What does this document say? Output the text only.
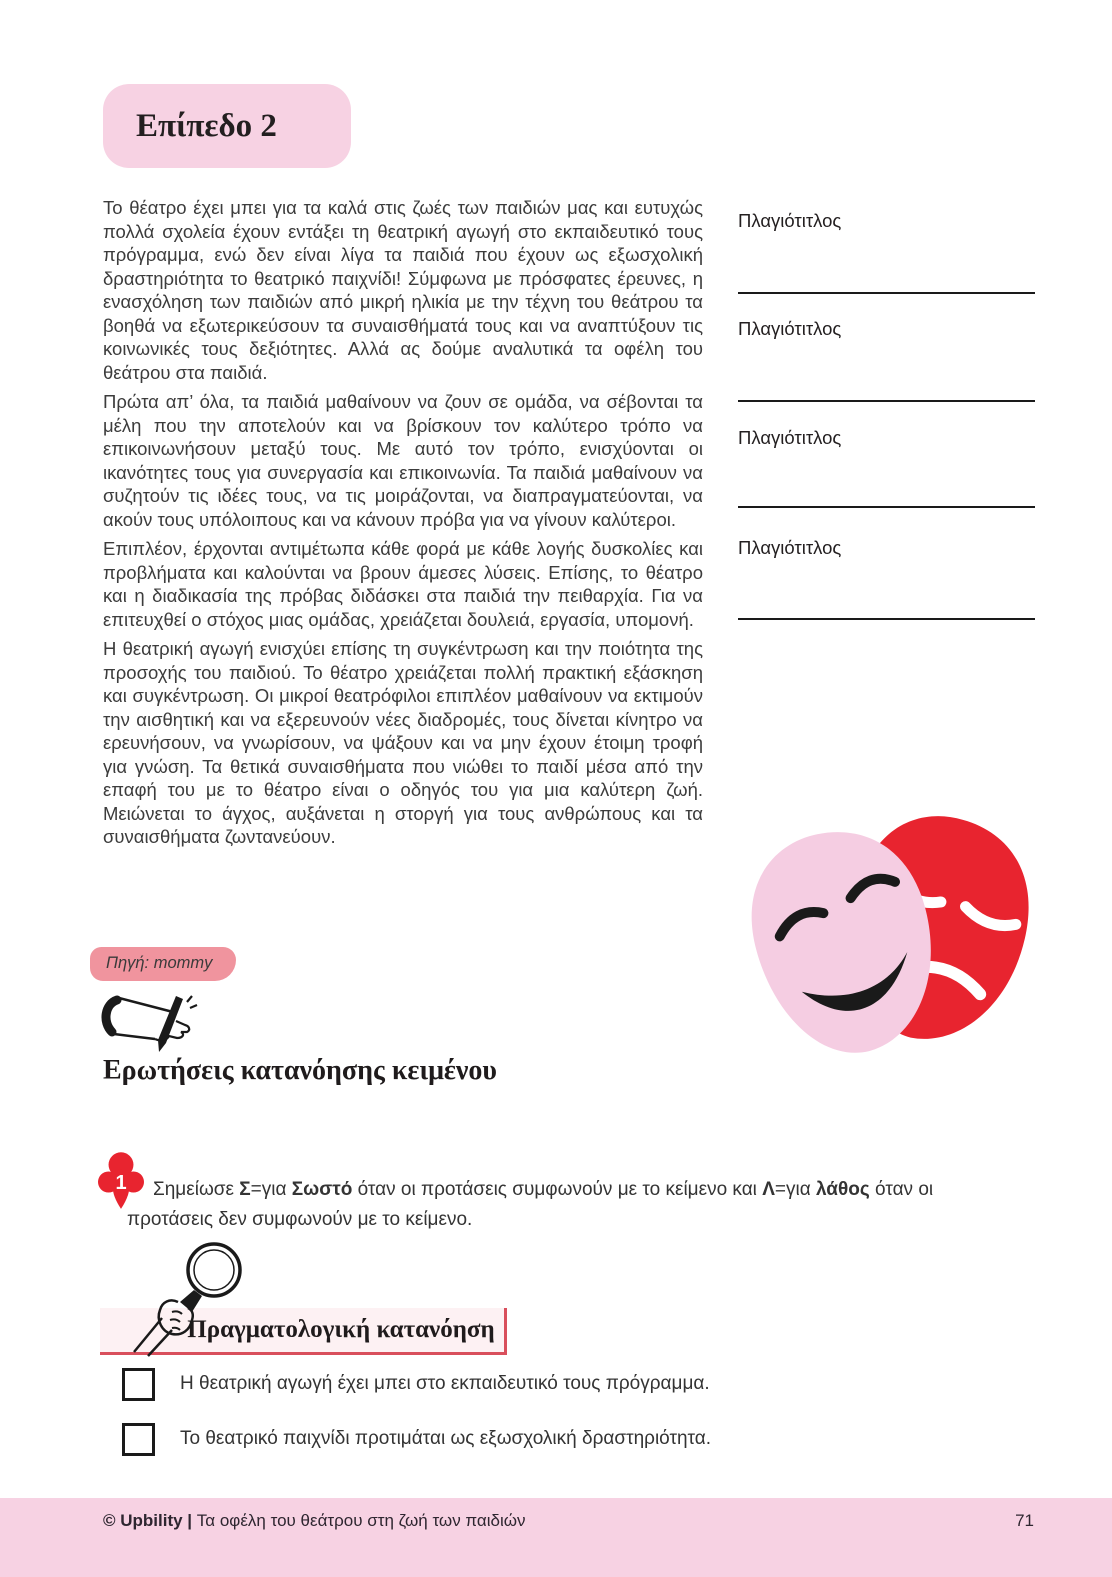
Επίπεδο 2

Το θέατρο έχει μπει για τα καλά στις ζωές των παιδιών μας και ευτυχώς πολλά σχολεία έχουν εντάξει τη θεατρική αγωγή στο εκπαιδευτικό τους πρόγραμμα, ενώ δεν είναι λίγα τα παιδιά που έχουν ως εξωσχολική δραστηριότητα το θεατρικό παιχνίδι! Σύμφωνα με πρόσφατες έρευνες, η ενασχόληση των παιδιών από μικρή ηλικία με την τέχνη του θεάτρου τα βοηθά να εξωτερικεύσουν τα συναισθήματά τους και να αναπτύξουν τις κοινωνικές τους δεξιότητες. Αλλά ας δούμε αναλυτικά τα οφέλη του θεάτρου στα παιδιά.

Πρώτα απ’ όλα, τα παιδιά μαθαίνουν να ζουν σε ομάδα, να σέβονται τα μέλη που την αποτελούν και να βρίσκουν τον καλύτερο τρόπο να επικοινωνήσουν μεταξύ τους. Με αυτό τον τρόπο, ενισχύονται οι ικανότητες τους για συνεργασία και επικοινωνία. Τα παιδιά μαθαίνουν να συζητούν τις ιδέες τους, να τις μοιράζονται, να διαπραγματεύονται, να ακούν τους υπόλοιπους και να κάνουν πρόβα για να γίνουν καλύτεροι.

Επιπλέον, έρχονται αντιμέτωπα κάθε φορά με κάθε λογής δυσκολίες και προβλήματα και καλούνται να βρουν άμεσες λύσεις. Επίσης, το θέατρο και η διαδικασία της πρόβας διδάσκει στα παιδιά την πειθαρχία. Για να επιτευχθεί ο στόχος μιας ομάδας, χρειάζεται δουλειά, εργασία, υπομονή.

Η θεατρική αγωγή ενισχύει επίσης τη συγκέντρωση και την ποιότητα της προσοχής του παιδιού. Το θέατρο χρειάζεται πολλή πρακτική εξάσκηση και συγκέντρωση. Οι μικροί θεατρόφιλοι επιπλέον μαθαίνουν να εκτιμούν την αισθητική και να εξερευνούν νέες διαδρομές, τους δίνεται κίνητρο να ερευνήσουν, να γνωρίσουν, να ψάξουν και να μην έχουν έτοιμη τροφή για γνώση. Τα θετικά συναισθήματα που νιώθει το παιδί μέσα από την επαφή του με το θέατρο είναι ο οδηγός του για μια καλύτερη ζωή. Μειώνεται το άγχος, αυξάνεται η στοργή για τους ανθρώπους και τα συναισθήματα ζωντανεύουν.

Πηγή: mommy
Πλαγιότιτλος
Πλαγιότιτλος
Πλαγιότιτλος
Πλαγιότιτλος
Ερωτήσεις κατανόησης κειμένου
1	Σημείωσε Σ=για Σωστό όταν οι προτάσεις συμφωνούν με το κείμενο και Λ=για λάθος όταν οι προτάσεις δεν συμφωνούν με το κείμενο.

Πραγματολογική κατανόηση
Η θεατρική αγωγή έχει μπει στο εκπαιδευτικό τους πρόγραμμα.
Το θεατρικό παιχνίδι προτιμάται ως εξωσχολική δραστηριότητα.
© Upbility | Τα οφέλη του θεάτρου στη ζωή των παιδιών	71
